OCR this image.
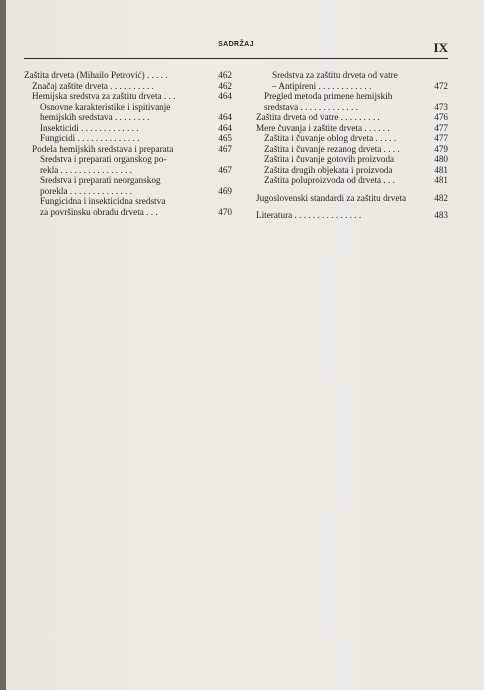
SADRŽAJ	IX
Zaštita drveta (Mihailo Petrović) . . . . .	462
Značaj zaštite drveta . . . . . . . . . .	462
Hemijska sredstva za zaštitu drveta . . .	464
Osnovne karakteristike i ispitivanje
hemijskih sredstava . . . . . . . .	464
Insekticidi . . . . . . . . . . . . .	464
Fungicidi . . . . . . . . . . . . . .	465
Podela hemijskih sredstava i preparata	467
Sredstva i preparati organskog po-
rekla . . . . . . . . . . . . . . . .	467
Sredstva i preparati neorganskog
porekla . . . . . . . . . . . . . .	469
Fungicidna i insekticidna sredstva
za površinsku obradu drveta . . .	470
Sredstva za zaštitu drveta od vatre
– Antipireni . . . . . . . . . . . .	472
Pregled metoda primene hemijskih
sredstava . . . . . . . . . . . . .	473
Zaštita drveta od vatre . . . . . . . . .	476
Mere čuvanja i zaštite drveta . . . . . .	477
Zaštita i čuvanje oblog drveta . . . . .	477
Zaštita i čuvanje rezanog drveta . . . .	479
Zaštita i čuvanje gotovih proizvoda	480
Zaštita drugih objekata i proizvoda	481
Zaštita poluproizvoda od drveta . . .	481
Jugoslovenski standardi za zaštitu drveta	482
Literatura . . . . . . . . . . . . . . .	483
